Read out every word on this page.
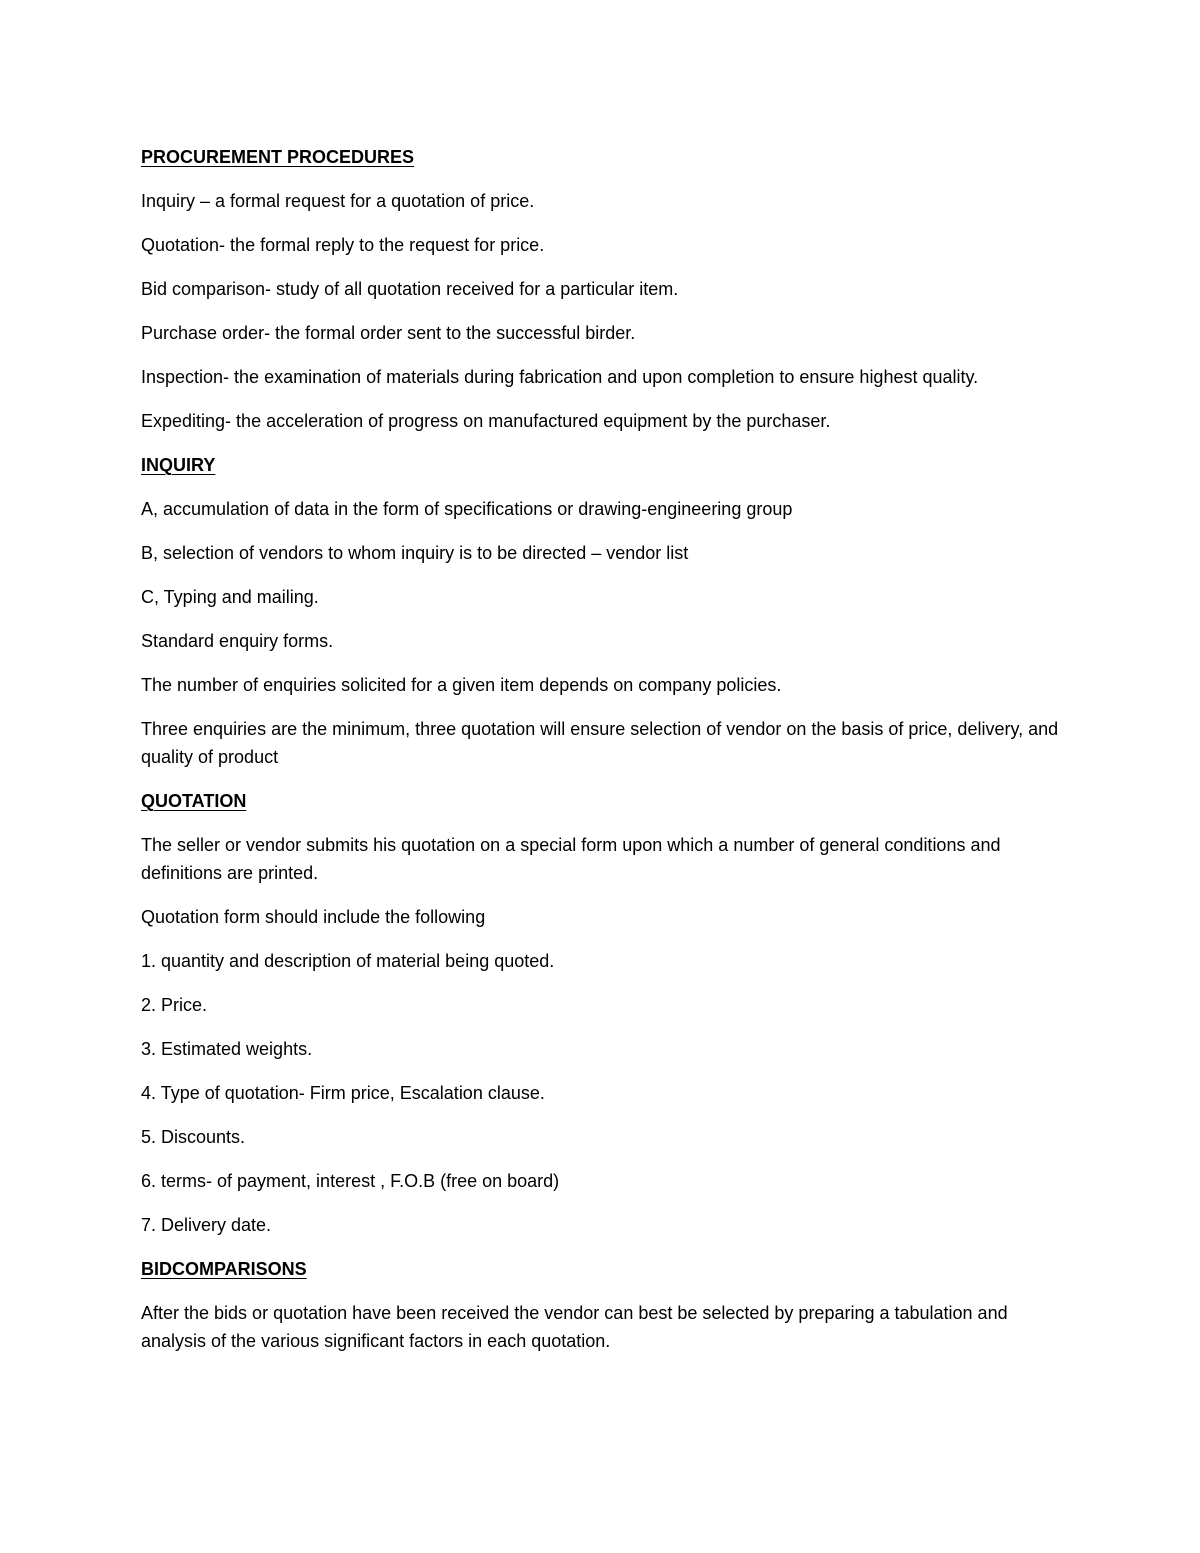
PROCUREMENT PROCEDURES

Inquiry – a formal request for a quotation of price.

Quotation- the formal reply to the request for price.

Bid comparison- study of all quotation received for a particular item.

Purchase order- the formal order sent to the successful birder.

Inspection- the examination of materials during fabrication and upon completion to ensure highest quality.

Expediting- the acceleration of progress on manufactured equipment by the purchaser.

INQUIRY

A, accumulation of data in the form of specifications or drawing-engineering group

B, selection of vendors to whom inquiry is to be directed – vendor list

C, Typing and mailing.

Standard enquiry forms.

The number of enquiries solicited for a given item depends on company policies.

Three enquiries are the minimum, three quotation will ensure selection of vendor on the basis of price, delivery, and quality of product

QUOTATION

The seller or vendor submits his quotation on a special form upon which a number of general conditions and definitions are printed.

Quotation form should include the following

1. quantity and description of material being quoted.

2. Price.

3. Estimated weights.

4. Type of quotation- Firm price, Escalation clause.

5. Discounts.

6. terms- of payment, interest , F.O.B (free on board)

7. Delivery date.

BIDCOMPARISONS

After the bids or quotation have been received the vendor can best be selected by preparing a tabulation and analysis of the various significant factors in each quotation.
